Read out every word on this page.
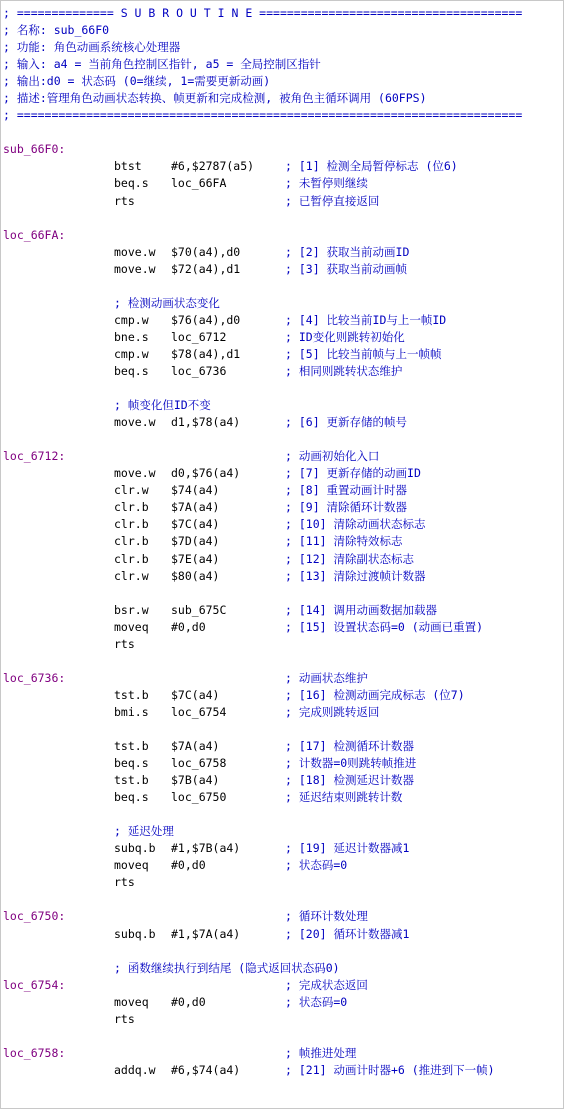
; ============== S U B R O U T I N E ======================================
; 名称: sub_66F0
; 功能: 角色动画系统核心处理器
; 输入: a4 = 当前角色控制区指针, a5 = 全局控制区指针
; 输出:d0 = 状态码 (0=继续, 1=需要更新动画)
; 描述:管理角色动画状态转换、帧更新和完成检测, 被角色主循环调用 (60FPS)
; =========================================================================
sub_66F0:
btst	#6,$2787(a5)	; [1] 检测全局暂停标志 (位6)
beq.s loc_66FA	; 未暂停则继续
rts	; 已暂停直接返回
loc_66FA:
move.w $70(a4),d0	; [2] 获取当前动画ID
move.w $72(a4),d1	; [3] 获取当前动画帧
; 检测动画状态变化
cmp.w $76(a4),d0	; [4] 比较当前ID与上一帧ID
bne.s loc_6712	; ID变化则跳转初始化
cmp.w $78(a4),d1	; [5] 比较当前帧与上一帧帧
beq.s loc_6736	; 相同则跳转状态维护
; 帧变化但ID不变
move.w d1,$78(a4)	; [6] 更新存储的帧号
loc_6712:	; 动画初始化入口
move.w d0,$76(a4)	; [7] 更新存储的动画ID
clr.w $74(a4)	; [8] 重置动画计时器
clr.b $7A(a4)	; [9] 清除循环计数器
clr.b $7C(a4)	; [10] 清除动画状态标志
clr.b $7D(a4)	; [11] 清除特效标志
clr.b $7E(a4)	; [12] 清除副状态标志
clr.w $80(a4)	; [13] 清除过渡帧计数器
bsr.w sub_675C	; [14] 调用动画数据加载器
moveq #0,d0	; [15] 设置状态码=0 (动画已重置)
rts
loc_6736:	; 动画状态维护
tst.b $7C(a4)	; [16] 检测动画完成标志 (位7)
bmi.s loc_6754	; 完成则跳转返回
tst.b $7A(a4)	; [17] 检测循环计数器
beq.s loc_6758	; 计数器=0则跳转帧推进
tst.b $7B(a4)	; [18] 检测延迟计数器
beq.s loc_6750	; 延迟结束则跳转计数
; 延迟处理
subq.b #1,$7B(a4)	; [19] 延迟计数器减1
moveq #0,d0	; 状态码=0
rts
loc_6750:	; 循环计数处理
subq.b #1,$7A(a4)	; [20] 循环计数器减1
; 函数继续执行到结尾 (隐式返回状态码0)
loc_6754:	; 完成状态返回
moveq #0,d0	; 状态码=0
rts
loc_6758:	; 帧推进处理
addq.w #6,$74(a4)	; [21] 动画计时器+6 (推进到下一帧)
